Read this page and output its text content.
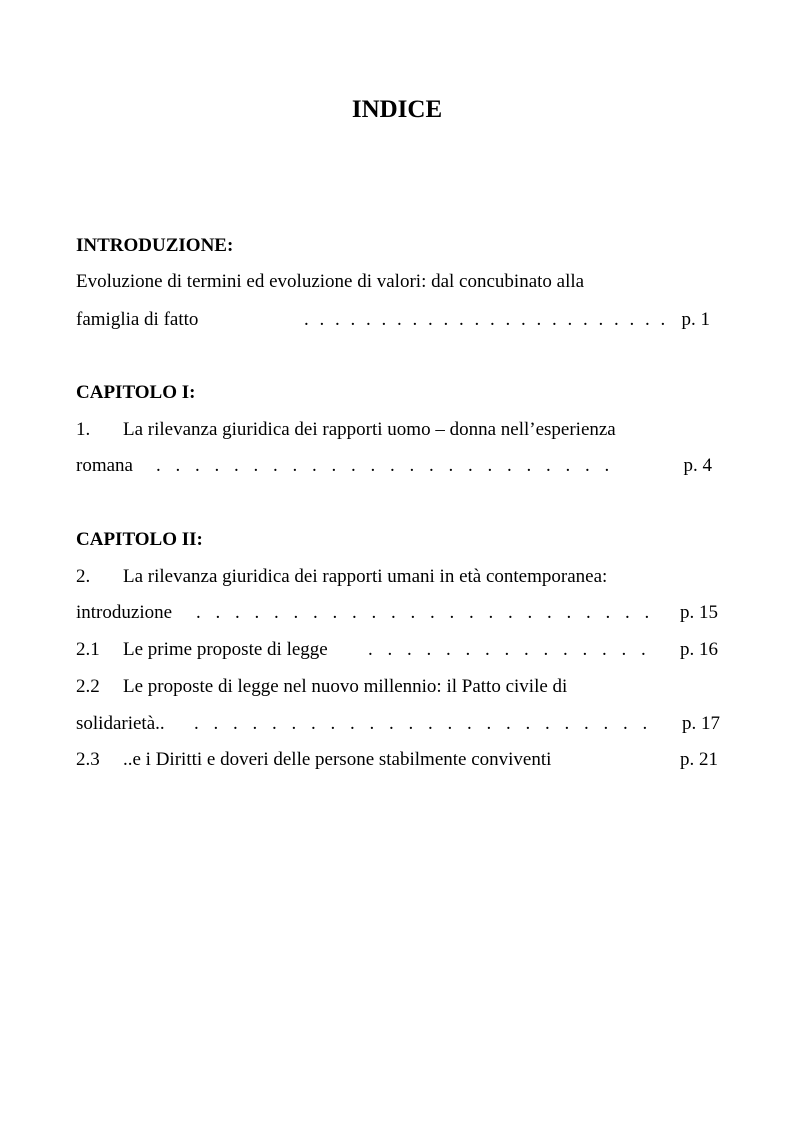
INDICE
INTRODUZIONE:
Evoluzione di termini ed evoluzione di valori: dal concubinato alla
famiglia di fatto	. . . . . . . . . . . . . . . . . . . . . . . . p. 1
CAPITOLO I:
1. La rilevanza giuridica dei rapporti uomo – donna nell’esperienza
romana . . . . . . . . . . . . . . . . . . . . . . . .	p. 4
CAPITOLO II:
2. La rilevanza giuridica dei rapporti umani in età contemporanea:
introduzione . . . . . . . . . . . . . . . . . . . . . . . . p. 15
2.1 Le prime proposte di legge . . . . . . . . . . . . . . . p. 16
2.2 Le proposte di legge nel nuovo millennio: il Patto civile di
solidarietà.. . . . . . . . . . . . . . . . . . . . . . . . . p. 17
2.3 ..e i Diritti e doveri delle persone stabilmente conviventi	p. 21
